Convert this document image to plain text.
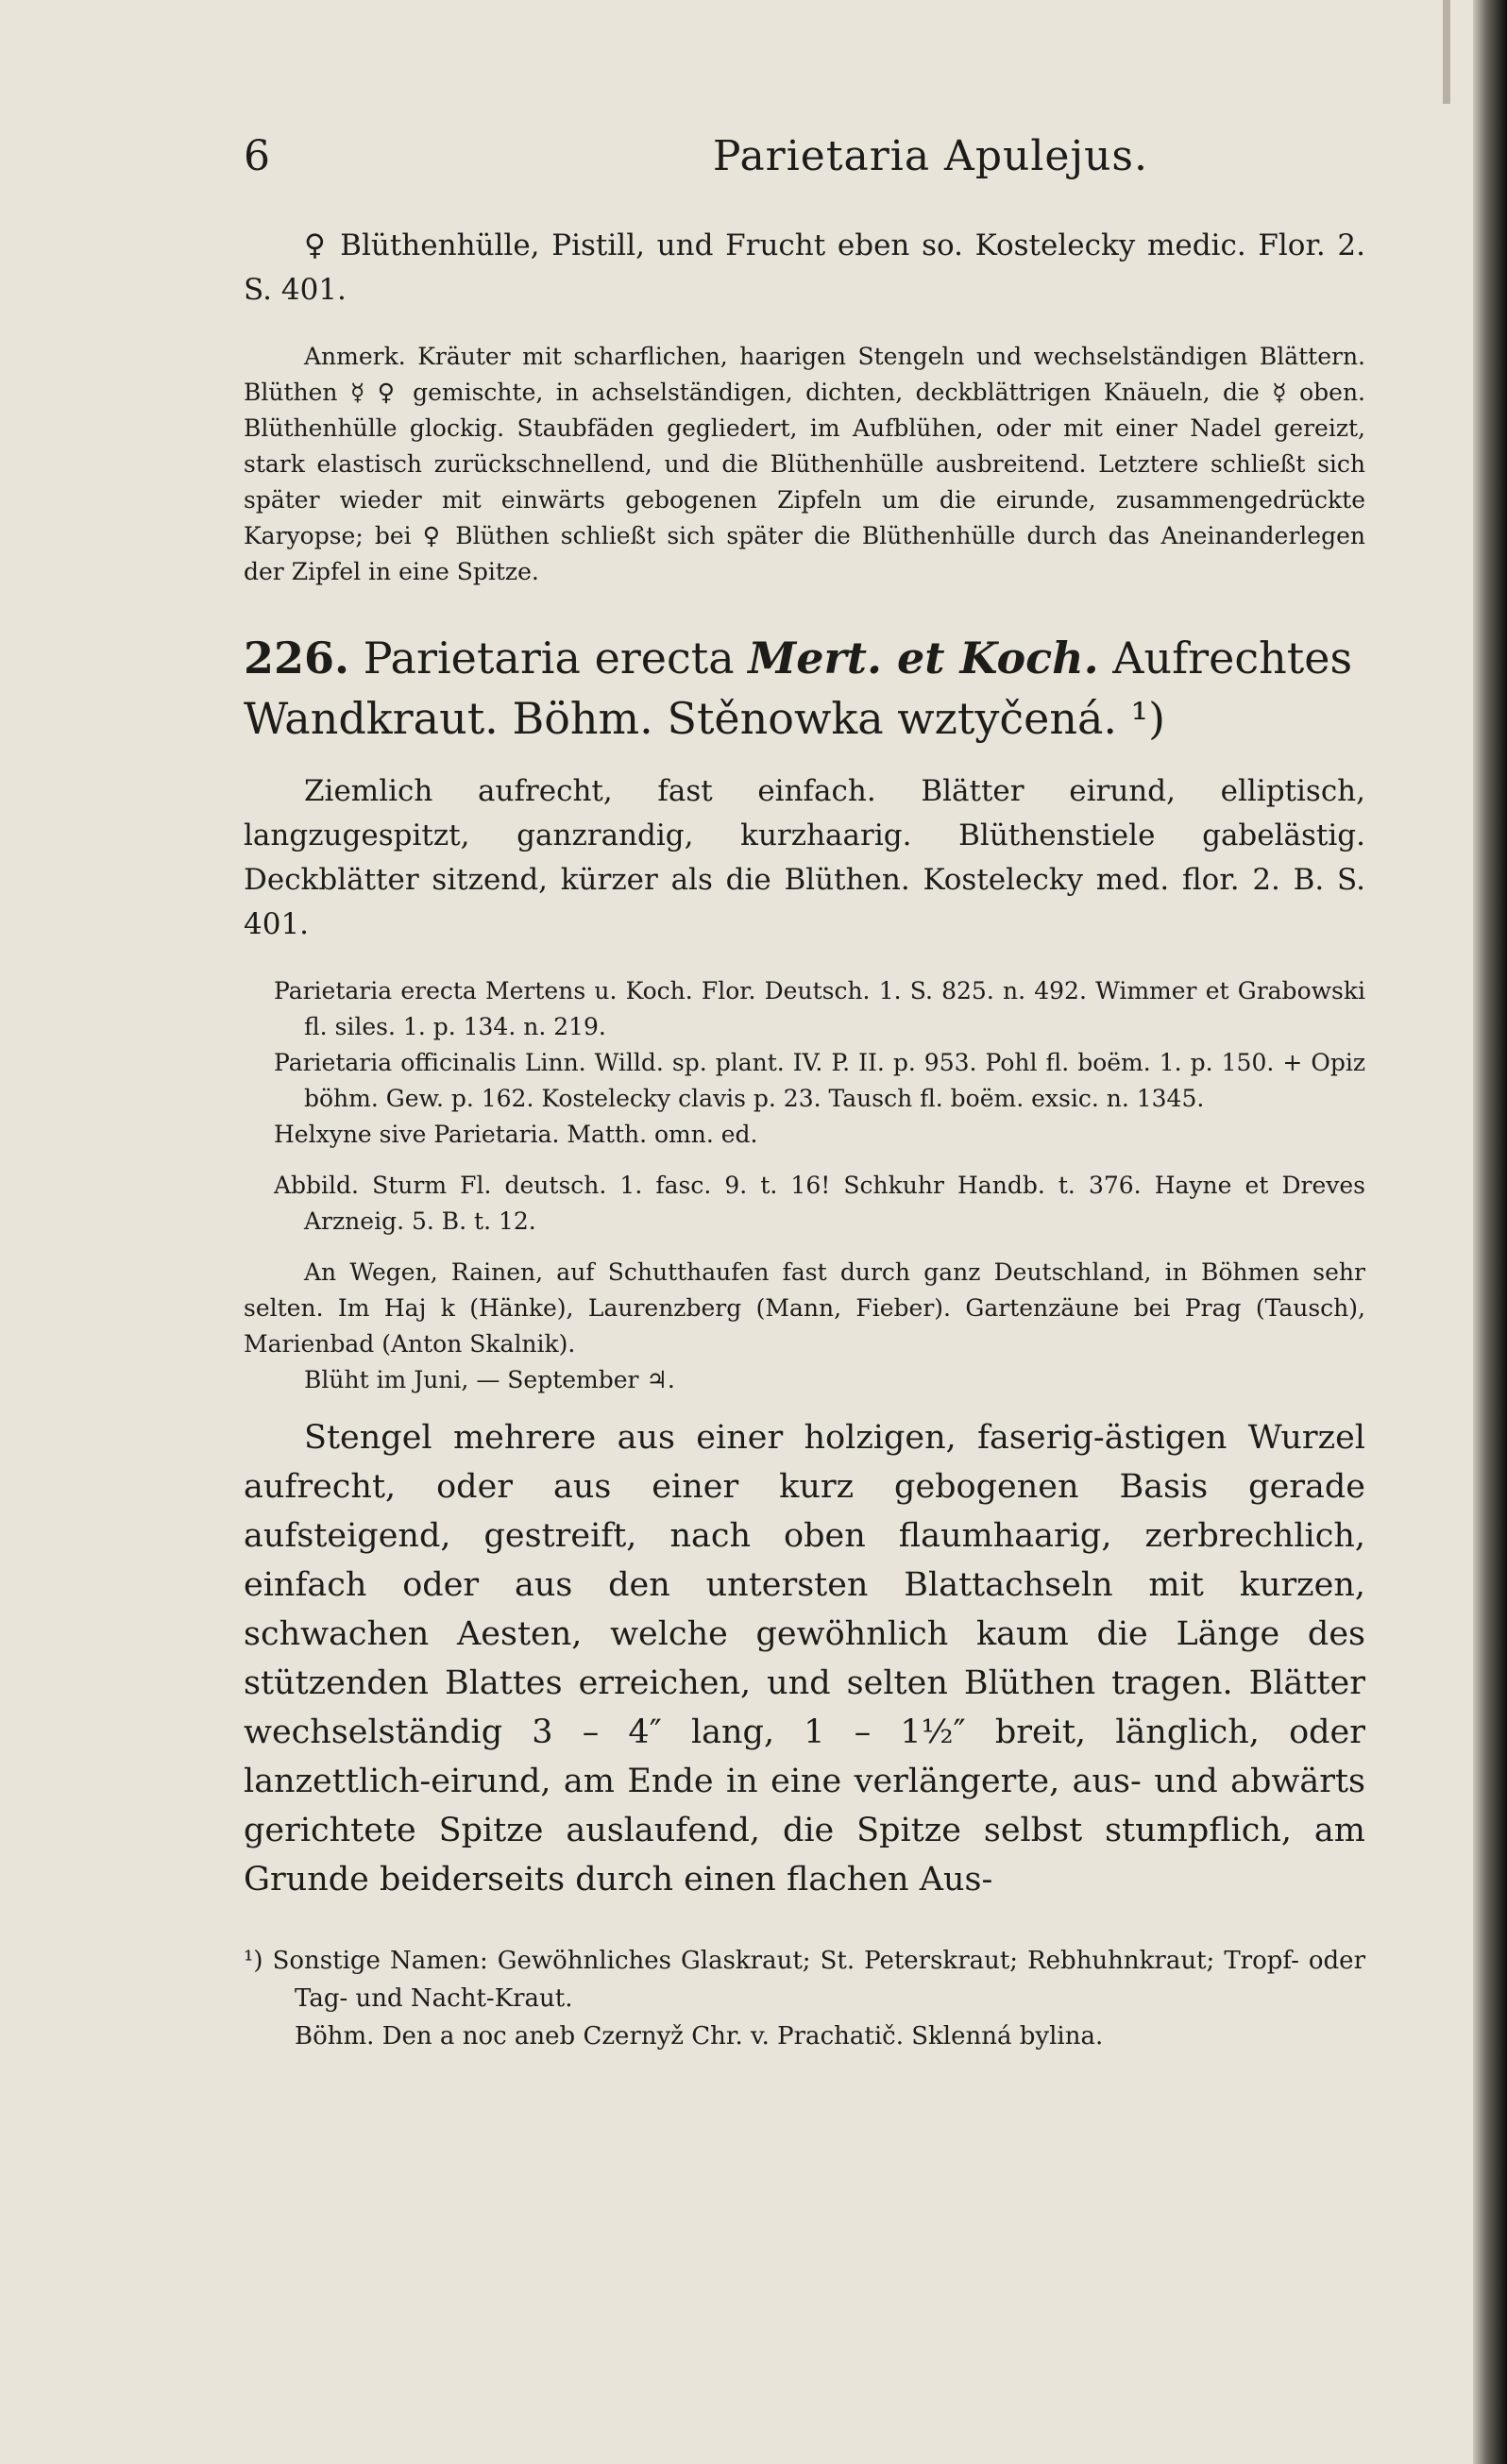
6	Parietaria Apulejus.

♀ Blüthenhülle, Pistill, und Frucht eben so. Kostelecky medic. Flor. 2. S. 401.

Anmerk. Kräuter mit scharflichen, haarigen Stengeln und wechselständigen Blättern. Blüthen ☿ ♀ gemischte, in achselständigen, dichten, deckblättrigen Knäueln, die ☿ oben. Blüthenhülle glockig. Staubfäden gegliedert, im Aufblühen, oder mit einer Nadel gereizt, stark elastisch zurückschnellend, und die Blüthenhülle ausbreitend. Letztere schließt sich später wieder mit einwärts gebogenen Zipfeln um die eirunde, zusammengedrückte Karyopse; bei ♀ Blüthen schließt sich später die Blüthenhülle durch das Aneinanderlegen der Zipfel in eine Spitze.

226. Parietaria erecta Mert. et Koch. Aufrechtes Wandkraut. Böhm. Stěnowka wztyčená. ¹)

Ziemlich aufrecht, fast einfach. Blätter eirund, elliptisch, langzugespitzt, ganzrandig, kurzhaarig. Blüthenstiele gabelästig. Deckblätter sitzend, kürzer als die Blüthen. Kostelecky med. flor. 2. B. S. 401.

Parietaria erecta Mertens u. Koch. Flor. Deutsch. 1. S. 825. n. 492. Wimmer et Grabowski fl. siles. 1. p. 134. n. 219.

Parietaria officinalis Linn. Willd. sp. plant. IV. P. II. p. 953. Pohl fl. boëm. 1. p. 150. + Opiz böhm. Gew. p. 162. Kostelecky clavis p. 23. Tausch fl. boëm. exsic. n. 1345.

Helxyne sive Parietaria. Matth. omn. ed.

Abbild. Sturm Fl. deutsch. 1. fasc. 9. t. 16! Schkuhr Handb. t. 376. Hayne et Dreves Arzneig. 5. B. t. 12.

An Wegen, Rainen, auf Schutthaufen fast durch ganz Deutschland, in Böhmen sehr selten. Im Haj k (Hänke), Laurenzberg (Mann, Fieber). Gartenzäune bei Prag (Tausch), Marienbad (Anton Skalnik).

Blüht im Juni, — September ♃.

Stengel mehrere aus einer holzigen, faserig-ästigen Wurzel aufrecht, oder aus einer kurz gebogenen Basis gerade aufsteigend, gestreift, nach oben flaumhaarig, zerbrechlich, einfach oder aus den untersten Blattachseln mit kurzen, schwachen Aesten, welche gewöhnlich kaum die Länge des stützenden Blattes erreichen, und selten Blüthen tragen. Blätter wechselständig 3 – 4″ lang, 1 – 1½″ breit, länglich, oder lanzettlich-eirund, am Ende in eine verlängerte, aus- und abwärts gerichtete Spitze auslaufend, die Spitze selbst stumpflich, am Grunde beiderseits durch einen flachen Aus-

¹) Sonstige Namen: Gewöhnliches Glaskraut; St. Peterskraut; Rebhuhnkraut; Tropf- oder Tag- und Nacht-Kraut.

Böhm. Den a noc aneb Czernyž Chr. v. Prachatič. Sklenná bylina.
